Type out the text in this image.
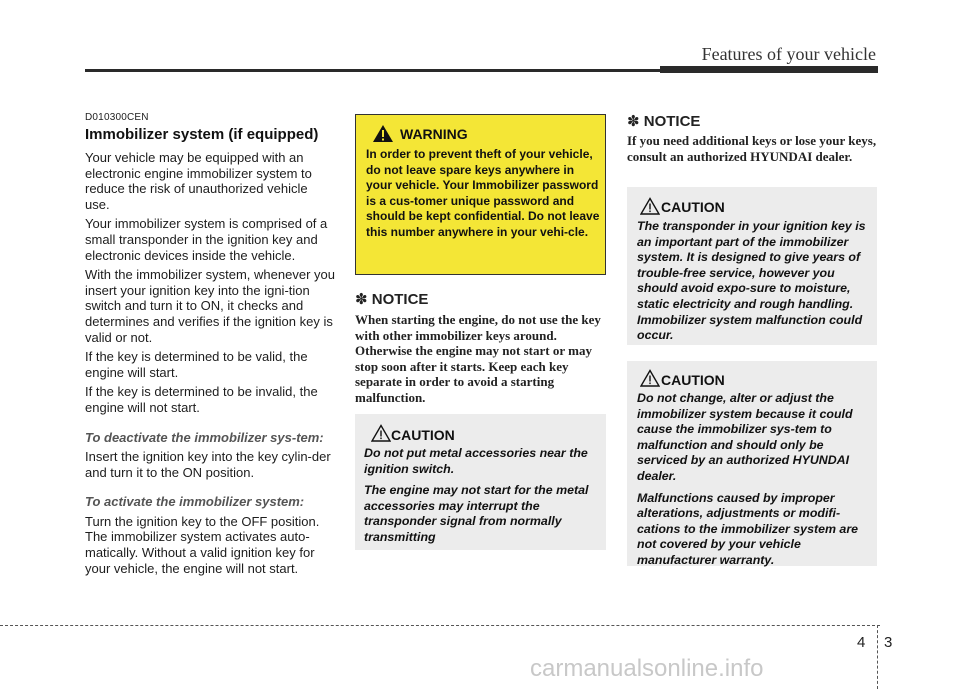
Features of your vehicle
D010300CEN
Immobilizer system (if equipped)

Your vehicle may be equipped with an electronic engine immobilizer system to reduce the risk of unauthorized vehicle use.

Your immobilizer system is comprised of a small transponder in the ignition key and electronic devices inside the vehicle.

With the immobilizer system, whenever you insert your ignition key into the igni-tion switch and turn it to ON, it checks and determines and verifies if the ignition key is valid or not.

If the key is determined to be valid, the engine will start.

If the key is determined to be invalid, the engine will not start.

To deactivate the immobilizer sys-tem:

Insert the ignition key into the key cylin-der and turn it to the ON position.

To activate the immobilizer system:

Turn the ignition key to the OFF position. The immobilizer system activates auto-matically. Without a valid ignition key for your vehicle, the engine will not start.

WARNING
In order to prevent theft of your vehicle, do not leave spare keys anywhere in your vehicle. Your Immobilizer password is a cus-tomer unique password and should be kept confidential. Do not leave this number anywhere in your vehi-cle.
✽ NOTICE
When starting the engine, do not use the key with other immobilizer keys around. Otherwise the engine may not start or may stop soon after it starts. Keep each key separate in order to avoid a starting malfunction.
CAUTION

Do not put metal accessories near the ignition switch.

The engine may not start for the metal accessories may interrupt the transponder signal from normally transmitting

✽ NOTICE
If you need additional keys or lose your keys, consult an authorized HYUNDAI dealer.
CAUTION
The transponder in your ignition key is an important part of the immobilizer system. It is designed to give years of trouble-free service, however you should avoid expo-sure to moisture, static electricity and rough handling. Immobilizer system malfunction could occur.
CAUTION

Do not change, alter or adjust the immobilizer system because it could cause the immobilizer sys-tem to malfunction and should only be serviced by an authorized HYUNDAI dealer.

Malfunctions caused by improper alterations, adjustments or modifi-cations to the immobilizer system are not covered by your vehicle manufacturer warranty.

4 3
carmanualsonline.info
